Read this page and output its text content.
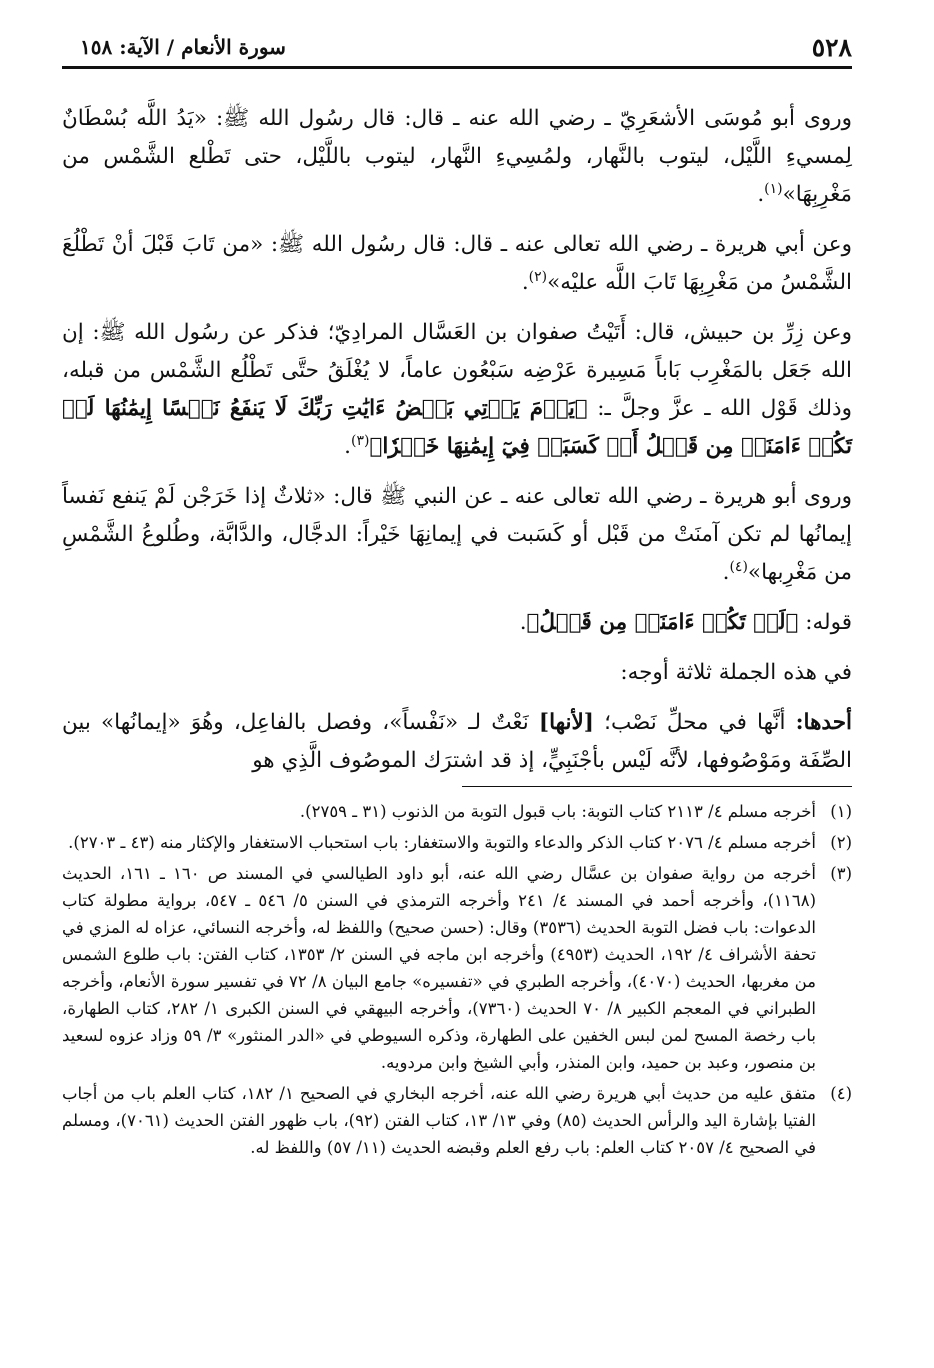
٥٢٨
سورة الأنعام / الآية: ١٥٨

وروى أبو مُوسَى الأشعَرِيّ ـ رضي الله عنه ـ قال: قال رسُول الله ﷺ: «يَدُ اللَّه بُسْطَانٌ لِمسيءِ اللَّيْل، ليتوب بالنَّهار، ولمُسِيءِ النَّهار، ليتوب باللَّيْل، حتى تَطْلع الشَّمْس من مَغْرِبِهَا»$^{(١)}$.

وعن أبي هريرة ـ رضي الله تعالى عنه ـ قال: قال رسُول الله ﷺ: «من تَابَ قَبْلَ أنْ تَطْلُعَ الشَّمْسُ من مَغْرِبِهَا تَابَ اللَّه عليْه»$^{(٢)}$.

وعن زِرِّ بن حبيش، قال: أَتَيْتُ صفوان بن العَسَّال المرادِيّ؛ فذكر عن رسُول الله ﷺ: إن الله جَعَل بالمَغْرِب بَاباً مَسِيرة عَرْضِه سَبْعُون عاماً، لا يُغْلَقُ حتَّى تَطْلُع الشَّمْس من قبله، وذلك قَوْل الله ـ عزَّ وجلَّ ـ: ﴿يَوۡمَ يَأۡتِي بَعۡضُ ءَايَٰتِ رَبِّكَ لَا يَنفَعُ نَفۡسًا إِيمَٰنُهَا لَمۡ تَكُنۡ ءَامَنَتۡ مِن قَبۡلُ أَوۡ كَسَبَتۡ فِيٓ إِيمَٰنِهَا خَيۡرٗا﴾$^{(٣)}$.

وروى أبو هريرة ـ رضي الله تعالى عنه ـ عن النبي ﷺ قال: «ثلاثٌ إذا خَرَجْن لَمْ يَنفع نَفساً إيمانُها لم تكن آمنَتْ من قَبْل أو كَسَبت في إيمانِهَا خَيْراً: الدجَّال، والدَّابَّة، وطُلوعُ الشَّمْسِ من مَغْرِبها»$^{(٤)}$.

قوله: ﴿لَمۡ تَكُنۡ ءَامَنَتۡ مِن قَبۡلُ﴾.

في هذه الجملة ثلاثة أوجه:

أحدها: أنَّها في محلِّ نَصْب؛ [لأنها] نَعْتٌ لـ «نَفْساً»، وفصل بالفاعِل، وهُوَ «إيمانُها» بين الصِّفَة ومَوْصُوفها، لأنَّه لَيْس بأجْنَبِيٍّ، إذ قد اشترَك الموصُوف الَّذِي هو

(١)
أخرجه مسلم ٤/ ٢١١٣ كتاب التوبة: باب قبول التوبة من الذنوب (٣١ ـ ٢٧٥٩).
(٢)
أخرجه مسلم ٤/ ٢٠٧٦ كتاب الذكر والدعاء والتوبة والاستغفار: باب استحباب الاستغفار والإكثار منه (٤٣ ـ ٢٧٠٣).
(٣)
أخرجه من رواية صفوان بن عسَّال رضي الله عنه، أبو داود الطيالسي في المسند ص ١٦٠ ـ ١٦١، الحديث (١١٦٨)، وأخرجه أحمد في المسند ٤/ ٢٤١ وأخرجه الترمذي في السنن ٥/ ٥٤٦ ـ ٥٤٧، برواية مطولة كتاب الدعوات: باب فضل التوبة الحديث (٣٥٣٦) وقال: (حسن صحيح) واللفظ له، وأخرجه النسائي، عزاه له المزي في تحفة الأشراف ٤/ ١٩٢، الحديث (٤٩٥٣) وأخرجه ابن ماجه في السنن ٢/ ١٣٥٣، كتاب الفتن: باب طلوع الشمس من مغربها، الحديث (٤٠٧٠)، وأخرجه الطبري في «تفسيره» جامع البيان ٨/ ٧٢ في تفسير سورة الأنعام، وأخرجه الطبراني في المعجم الكبير ٨/ ٧٠ الحديث (٧٣٦٠)، وأخرجه البيهقي في السنن الكبرى ١/ ٢٨٢، كتاب الطهارة، باب رخصة المسح لمن لبس الخفين على الطهارة، وذكره السيوطي في «الدر المنثور» ٣/ ٥٩ وزاد عزوه لسعيد بن منصور، وعبد بن حميد، وابن المنذر، وأبي الشيخ وابن مردويه.
(٤)
متفق عليه من حديث أبي هريرة رضي الله عنه، أخرجه البخاري في الصحيح ١/ ١٨٢، كتاب العلم باب من أجاب الفتيا بإشارة اليد والرأس الحديث (٨٥) وفي ١٣/ ١٣، كتاب الفتن (٩٢)، باب ظهور الفتن الحديث (٧٠٦١)، ومسلم في الصحيح ٤/ ٢٠٥٧ كتاب العلم: باب رفع العلم وقبضه الحديث (١١/ ٥٧) واللفظ له.
